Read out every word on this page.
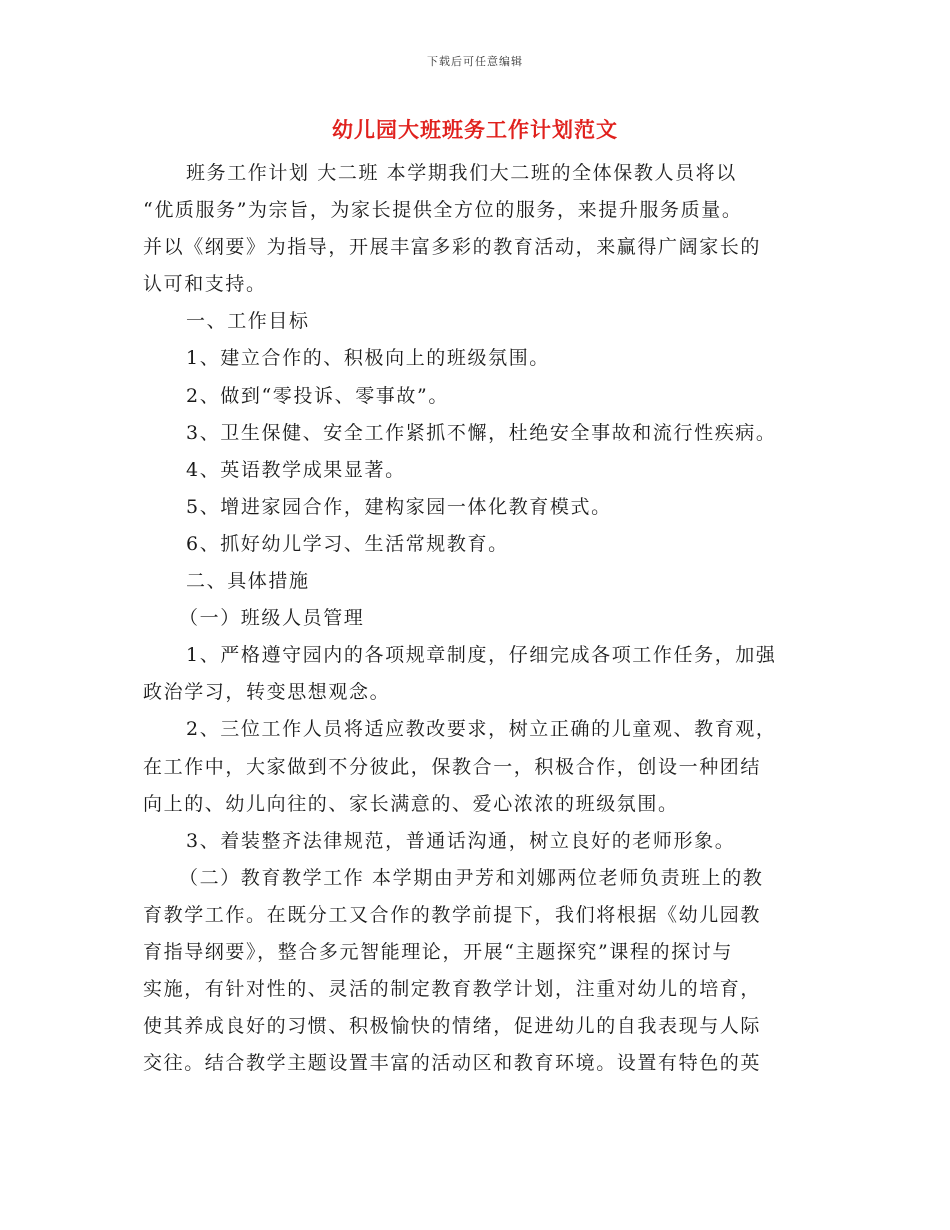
下载后可任意编辑
幼儿园大班班务工作计划范文
班务工作计划 大二班 本学期我们大二班的全体保教人员将以
“优质服务”为宗旨，为家长提供全方位的服务，来提升服务质量。
并以《纲要》为指导，开展丰富多彩的教育活动，来赢得广阔家长的
认可和支持。
一、工作目标
1、建立合作的、积极向上的班级氛围。
2、做到“零投诉、零事故”。
3、卫生保健、安全工作紧抓不懈，杜绝安全事故和流行性疾病。
4、英语教学成果显著。
5、增进家园合作，建构家园一体化教育模式。
6、抓好幼儿学习、生活常规教育。
二、具体措施
（一）班级人员管理
1、严格遵守园内的各项规章制度，仔细完成各项工作任务，加强
政治学习，转变思想观念。
2、三位工作人员将适应教改要求，树立正确的儿童观、教育观，
在工作中，大家做到不分彼此，保教合一，积极合作，创设一种团结
向上的、幼儿向往的、家长满意的、爱心浓浓的班级氛围。
3、着装整齐法律规范，普通话沟通，树立良好的老师形象。
（二）教育教学工作 本学期由尹芳和刘娜两位老师负责班上的教
育教学工作。在既分工又合作的教学前提下，我们将根据《幼儿园教
育指导纲要》，整合多元智能理论，开展“主题探究”课程的探讨与
实施，有针对性的、灵活的制定教育教学计划，注重对幼儿的培育，
使其养成良好的习惯、积极愉快的情绪，促进幼儿的自我表现与人际
交往。结合教学主题设置丰富的活动区和教育环境。设置有特色的英
